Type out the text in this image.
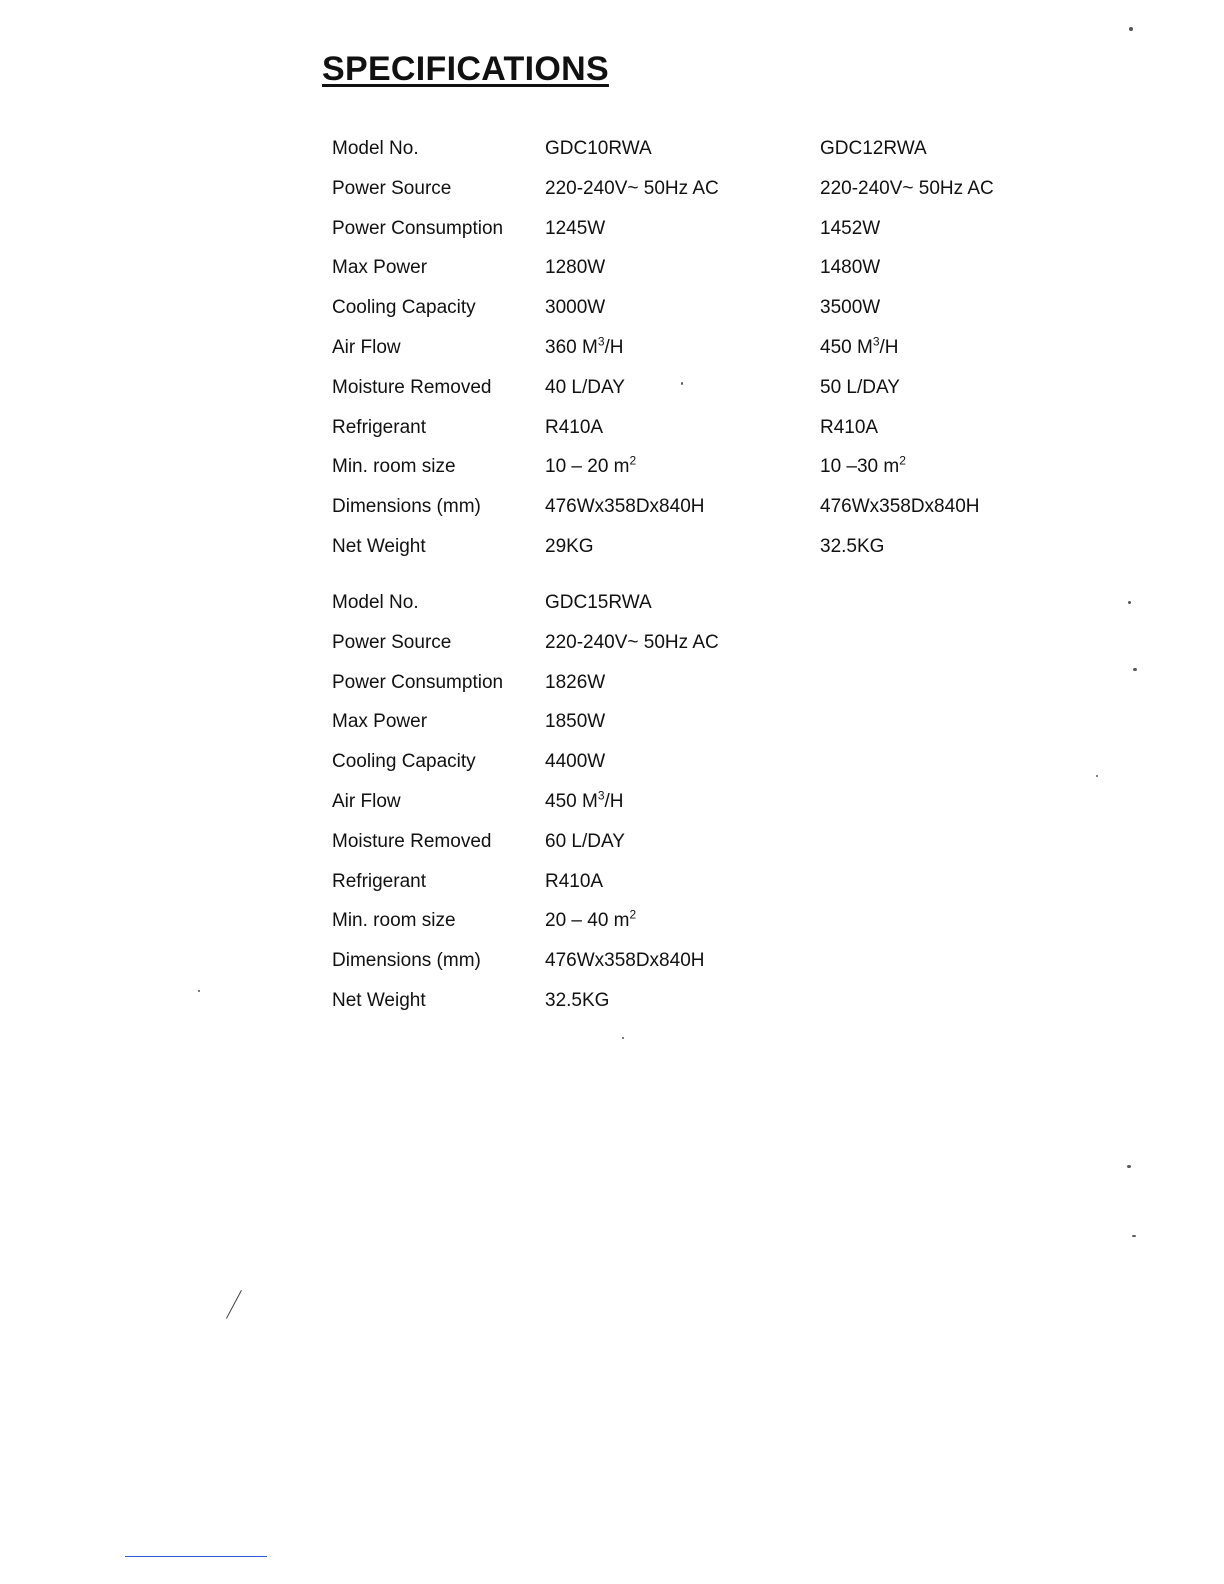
SPECIFICATIONS
Model No.	GDC10RWA	GDC12RWA
Power Source	220-240V~ 50Hz AC	220-240V~ 50Hz AC
Power Consumption 1245W	1452W
Max Power	1280W	1480W
Cooling Capacity	3000W	3500W
Air Flow	360 $M^3/H$	450 $M^3/H$
Moisture Removed	40 L/DAY	50 L/DAY
Refrigerant	R410A	R410A
Min. room size	10 – 20 $m^2$	10 –30 $m^2$
Dimensions (mm)	476Wx358Dx840H	476Wx358Dx840H
Net Weight	29KG	32.5KG
Model No.	GDC15RWA
Power Source	220-240V~ 50Hz AC
Power Consumption 1826W
Max Power	1850W
Cooling Capacity	4400W
Air Flow	450 $M^3/H$
Moisture Removed	60 L/DAY
Refrigerant	R410A
Min. room size	20 – 40 $m^2$
Dimensions (mm)	476Wx358Dx840H
Net Weight	32.5KG
